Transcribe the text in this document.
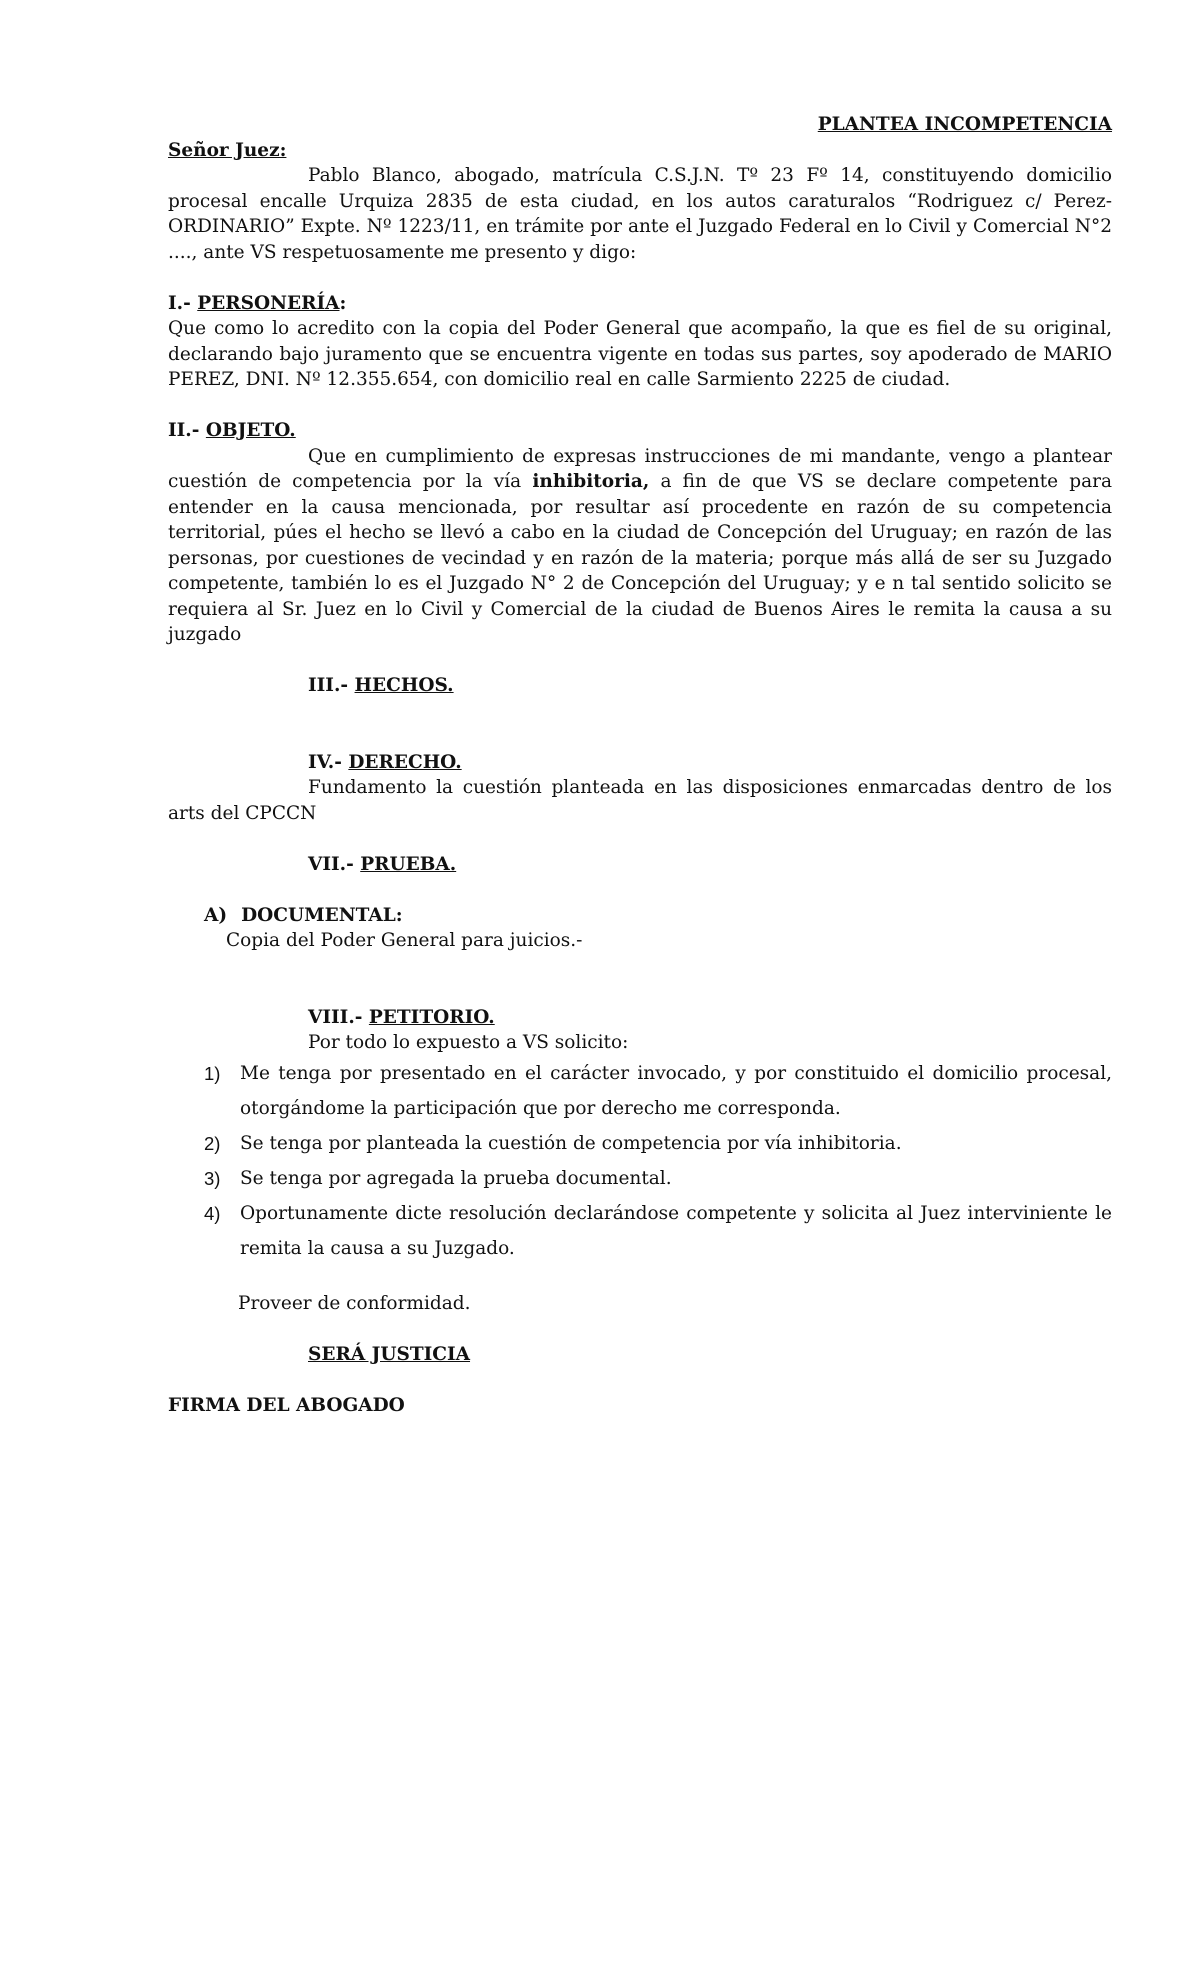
PLANTEA INCOMPETENCIA

Señor Juez:

Pablo Blanco, abogado, matrícula C.S.J.N. Tº 23 Fº 14, constituyendo domicilio procesal encalle Urquiza 2835 de esta ciudad, en los autos caraturalos “Rodriguez c/ Perez- ORDINARIO” Expte. Nº 1223/11, en trámite por ante el Juzgado Federal en lo Civil y Comercial N°2 ...., ante VS respetuosamente me presento y digo:

I.- PERSONERÍA:

Que como lo acredito con la copia del Poder General que acompaño, la que es fiel de su original, declarando bajo juramento que se encuentra vigente en todas sus partes, soy apoderado de MARIO PEREZ, DNI. Nº 12.355.654, con domicilio real en calle Sarmiento 2225 de ciudad.

II.- OBJETO.

Que en cumplimiento de expresas instrucciones de mi mandante, vengo a plantear cuestión de competencia por la vía inhibitoria, a fin de que VS se declare competente para entender en la causa mencionada, por resultar así procedente en razón de su competencia territorial, púes el hecho se llevó a cabo en la ciudad de Concepción del Uruguay; en razón de las personas, por cuestiones de vecindad y en razón de la materia; porque más allá de ser su Juzgado competente, también lo es el Juzgado N° 2 de Concepción del Uruguay; y e n tal sentido solicito se requiera al Sr. Juez en lo Civil y Comercial de la ciudad de Buenos Aires le remita la causa a su juzgado

III.- HECHOS.

IV.- DERECHO.

Fundamento la cuestión planteada en las disposiciones enmarcadas dentro de los arts del CPCCN

VII.- PRUEBA.

A) DOCUMENTAL:

Copia del Poder General para juicios.-

VIII.- PETITORIO.

Por todo lo expuesto a VS solicito:

1)	Me tenga por presentado en el carácter invocado, y por constituido el domicilio procesal, otorgándome la participación que por derecho me corresponda.
2)	Se tenga por planteada la cuestión de competencia por vía inhibitoria.
3)	Se tenga por agregada la prueba documental.
4)	Oportunamente dicte resolución declarándose competente y solicita al Juez interviniente le remita la causa a su Juzgado.

Proveer de conformidad.

SERÁ JUSTICIA

FIRMA DEL ABOGADO
